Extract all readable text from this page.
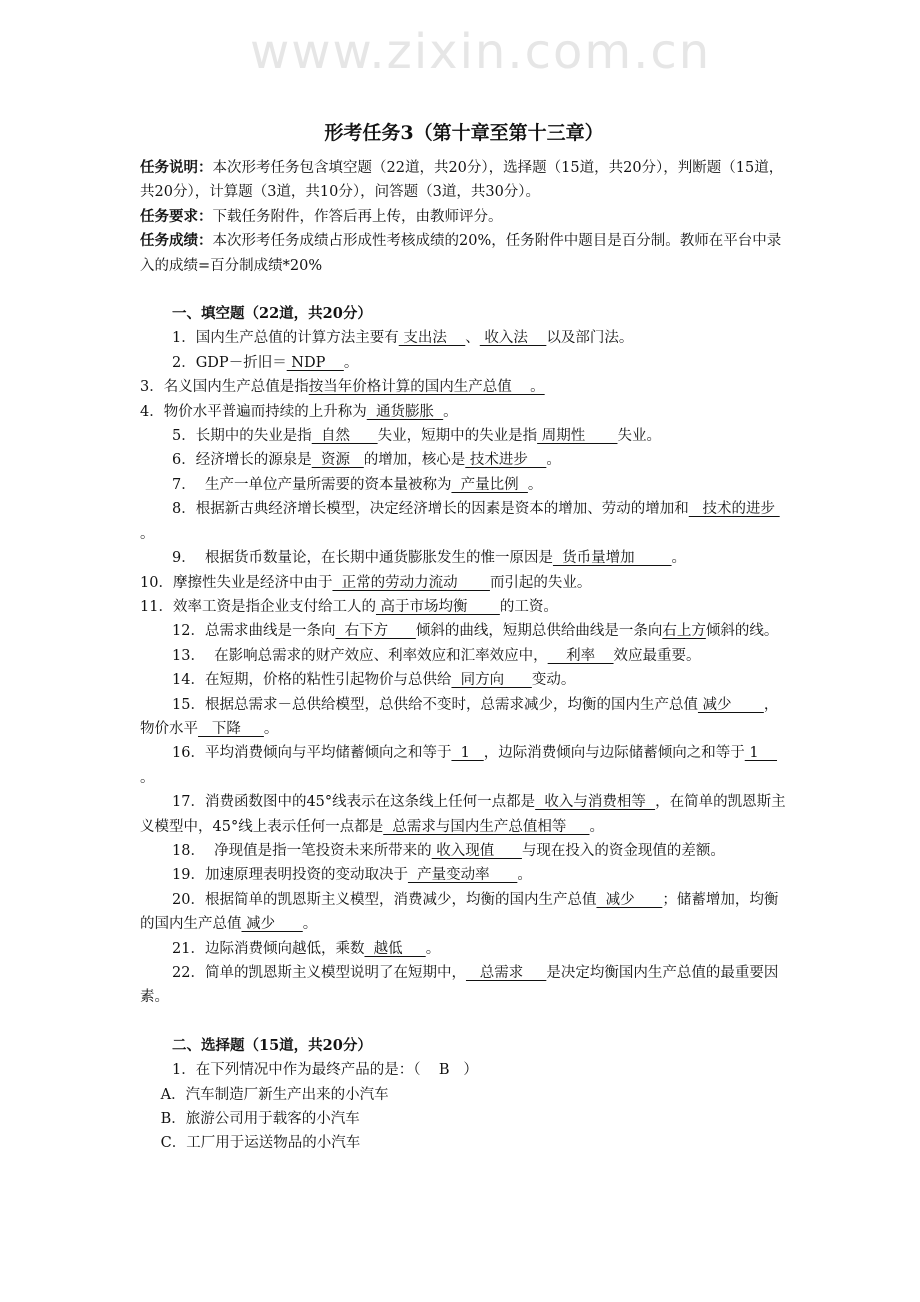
www.zixin.com.cn
形考任务3（第十章至第十三章）

任务说明：本次形考任务包含填空题（22道，共20分），选择题（15道，共20分），判断题（15道，共20分），计算题（3道，共10分），问答题（3道，共30分）。

任务要求：下载任务附件，作答后再上传，由教师评分。

任务成绩：本次形考任务成绩占形成性考核成绩的20%，任务附件中题目是百分制。教师在平台中录入的成绩=百分制成绩*20%

一、填空题（22道，共20分）

1．国内生产总值的计算方法主要有 支出法    、 收入法    以及部门法。

2．GDP－折旧＝ NDP    。

3．名义国内生产总值是指按当年价格计算的国内生产总值    。

4．物价水平普遍而持续的上升称为  通货膨胀  。

5．长期中的失业是指  自然      失业，短期中的失业是指 周期性       失业。

6．经济增长的源泉是  资源   的增加，核心是 技术进步    。

7．  生产一单位产量所需要的资本量被称为  产量比例  。

8．根据新古典经济增长模型，决定经济增长的因素是资本的增加、劳动的增加和   技术的进步 。

9．  根据货币数量论，在长期中通货膨胀发生的惟一原因是  货币量增加        。

10．摩擦性失业是经济中由于  正常的劳动力流动       而引起的失业。

11．效率工资是指企业支付给工人的 高于市场均衡       的工资。

12．总需求曲线是一条向  右下方      倾斜的曲线，短期总供给曲线是一条向右上方倾斜的线。

13．  在影响总需求的财产效应、利率效应和汇率效应中，    利率    效应最重要。

14．在短期，价格的粘性引起物价与总供给  同方向      变动。

15．根据总需求－总供给模型，总供给不变时，总需求减少，均衡的国内生产总值 减少       ，物价水平   下降     。

16．平均消费倾向与平均储蓄倾向之和等于  1   ，边际消费倾向与边际储蓄倾向之和等于 1    。

17．消费函数图中的45°线表示在这条线上任何一点都是  收入与消费相等  ，在简单的凯恩斯主义模型中，45°线上表示任何一点都是  总需求与国内生产总值相等     。

18．  净现值是指一笔投资未来所带来的 收入现值      与现在投入的资金现值的差额。

19．加速原理表明投资的变动取决于  产量变动率      。

20．根据简单的凯恩斯主义模型，消费减少，均衡的国内生产总值  减少      ；储蓄增加，均衡的国内生产总值 减少      。

21．边际消费倾向越低，乘数  越低     。

22．简单的凯恩斯主义模型说明了在短期中，   总需求     是决定均衡国内生产总值的最重要因素。

二、选择题（15道，共20分）

1．在下列情况中作为最终产品的是：（    B   ）

A．汽车制造厂新生产出来的小汽车

B．旅游公司用于载客的小汽车

C．工厂用于运送物品的小汽车
